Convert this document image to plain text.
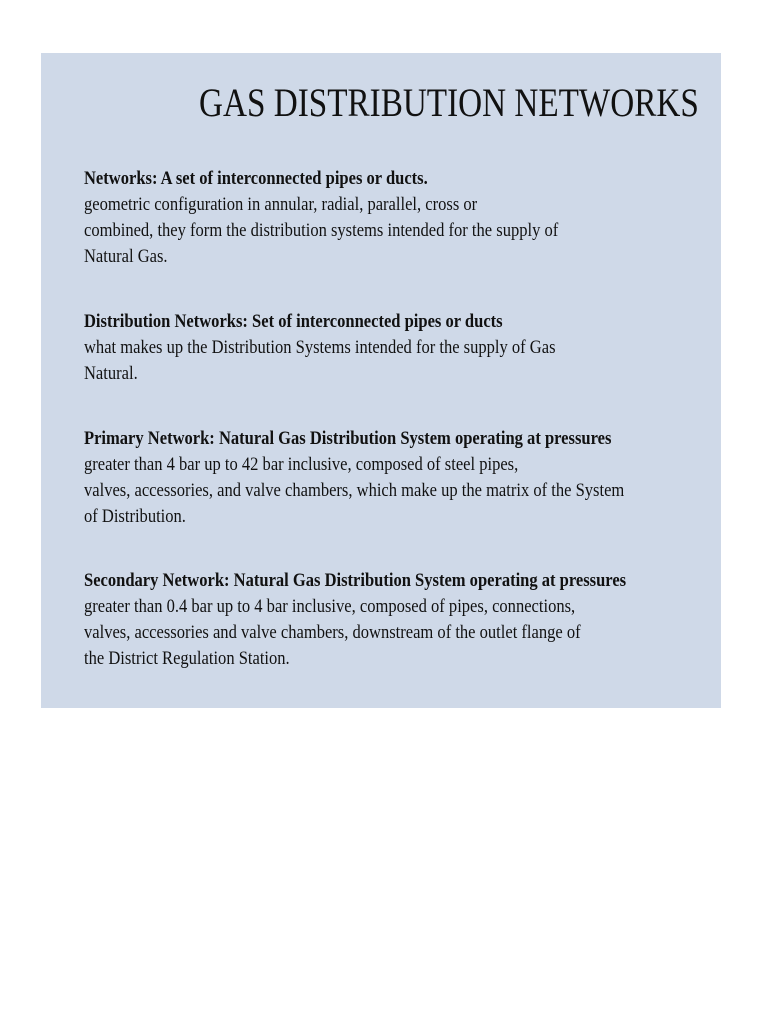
GAS DISTRIBUTION NETWORKS
Networks: A set of interconnected pipes or ducts.
geometric configuration in annular, radial, parallel, cross or
combined, they form the distribution systems intended for the supply of
Natural Gas.
Distribution Networks: Set of interconnected pipes or ducts
what makes up the Distribution Systems intended for the supply of Gas
Natural.
Primary Network: Natural Gas Distribution System operating at pressures
greater than 4 bar up to 42 bar inclusive, composed of steel pipes,
valves, accessories, and valve chambers, which make up the matrix of the System
of Distribution.
Secondary Network: Natural Gas Distribution System operating at pressures
greater than 0.4 bar up to 4 bar inclusive, composed of pipes, connections,
valves, accessories and valve chambers, downstream of the outlet flange of
the District Regulation Station.
